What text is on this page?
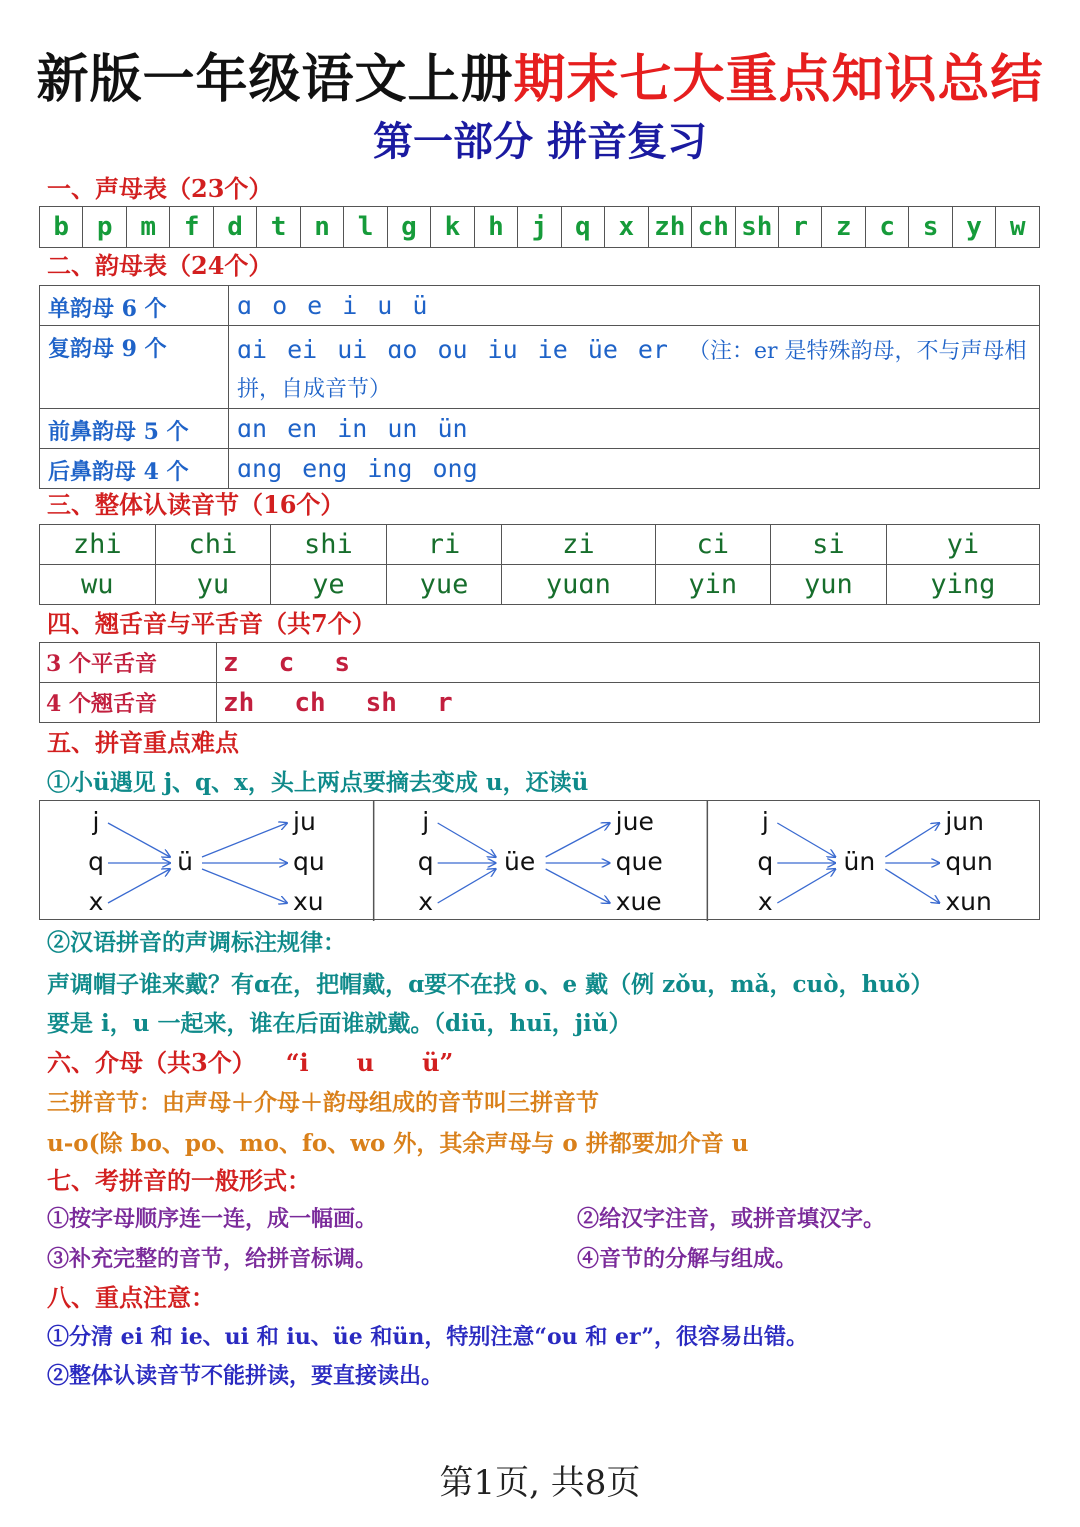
新版一年级语文上册期末七大重点知识总结
第一部分 拼音复习
一、声母表（23个）
b	p	m	f	d	t	n	l	g	k	h	j	q	x	zh	ch	sh	r	z	c	s	y	w
二、韵母表（24个）
单韵母 6 个	ɑ o e i u ü
复韵母 9 个	ɑi ei ui ɑo ou iu ie üe er （注：er 是特殊韵母，不与声母相拼，自成音节）
前鼻韵母 5 个	ɑn en in un ün
后鼻韵母 4 个	ɑng eng ing ong
三、整体认读音节（16个）
zhi	chi	shi	ri	zi	ci	si	yi
wu	yu	ye	yue	yuɑn	yin	yun	ying
四、翘舌音与平舌音（共7个）
3 个平舌音	z c s
4 个翘舌音	zh ch sh r
五、拼音重点难点
①小ü遇见 j、q、x，头上两点要摘去变成 u，还读ü
j
q
x
ü
ju
qu
xu
j
q
x
üe
jue
que
xue
j
q
x
ün
jun
qun
xun
②汉语拼音的声调标注规律：
声调帽子谁来戴？有ɑ在，把帽戴，ɑ要不在找 o、e 戴（例 zǒu，mǎ，cuò，huǒ）
要是 i，u 一起来，谁在后面谁就戴。（diū，huī，jiǔ）
六、介母（共3个） “i　　u　　ü”
三拼音节：由声母＋介母＋韵母组成的音节叫三拼音节
u-o(除 bo、po、mo、fo、wo 外，其余声母与 o 拼都要加介音 u
七、考拼音的一般形式：
①按字母顺序连一连，成一幅画。	②给汉字注音，或拼音填汉字。
③补充完整的音节，给拼音标调。	④音节的分解与组成。
八、重点注意：
①分清 ei 和 ie、ui 和 iu、üe 和ün，特别注意“ou 和 er”，很容易出错。
②整体认读音节不能拼读，要直接读出。
第1页, 共8页
